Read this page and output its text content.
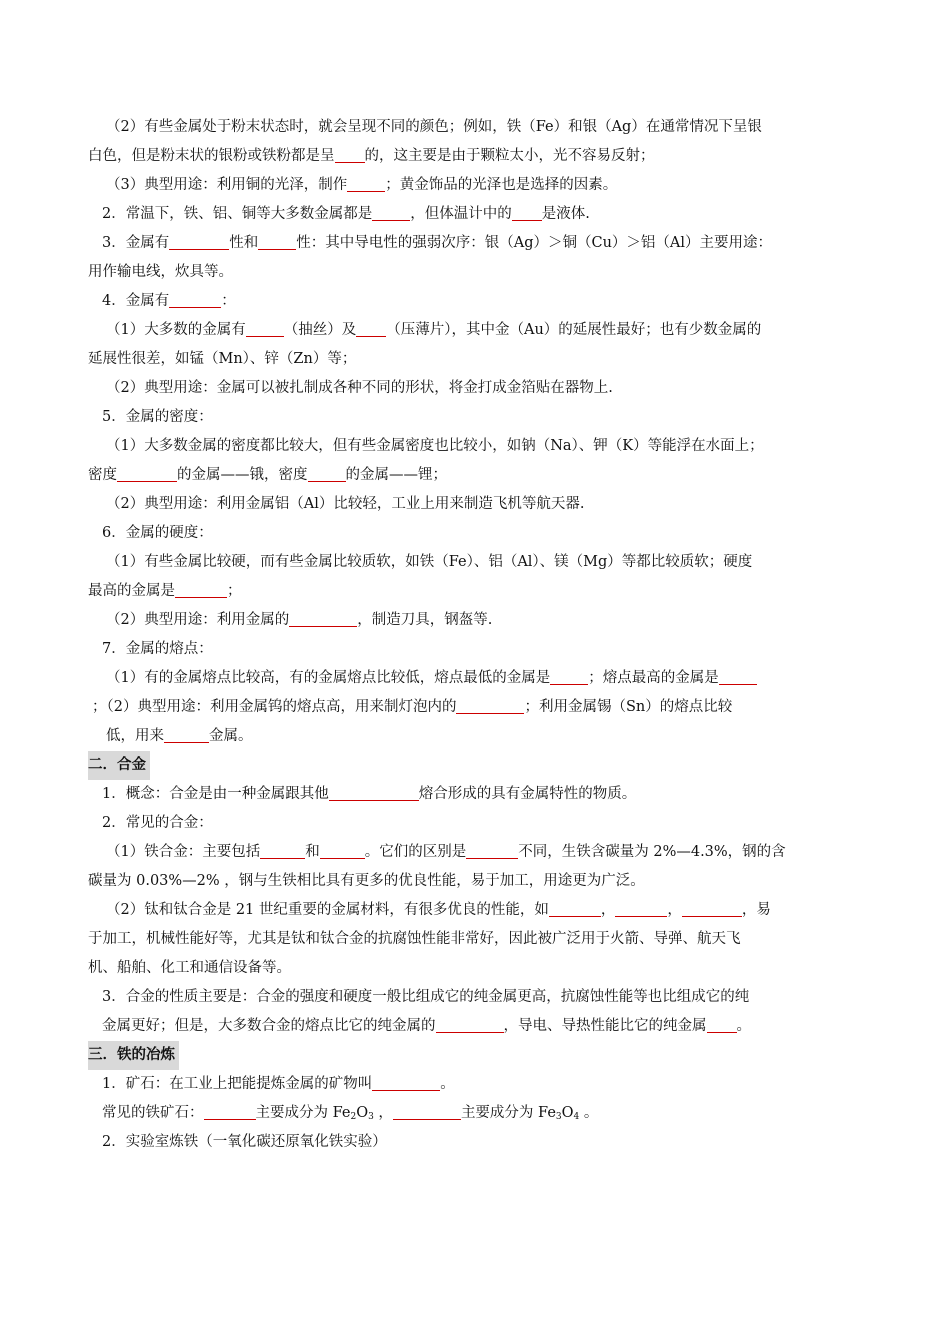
（2）有些金属处于粉末状态时，就会呈现不同的颜色；例如，铁（Fe）和银（Ag）在通常情况下呈银
白色，但是粉末状的银粉或铁粉都是呈 的，这主要是由于颗粒太小，光不容易反射；
（3）典型用途：利用铜的光泽，制作	；黄金饰品的光泽也是选择的因素。
2．常温下，铁、铝、铜等大多数金属都是	，但体温计中的 是液体.
3．金属有	性和	性：其中导电性的强弱次序：银（Ag）＞铜（Cu）＞铝（Al）主要用途：
用作输电线，炊具等。
4．金属有	：
（1）大多数的金属有	（抽丝）及 （压薄片），其中金（Au）的延展性最好；也有少数金属的
延展性很差，如锰（Mn）、锌（Zn）等；
（2）典型用途：金属可以被扎制成各种不同的形状，将金打成金箔贴在器物上.
5．金属的密度：
（1）大多数金属的密度都比较大，但有些金属密度也比较小，如钠（Na）、钾（K）等能浮在水面上；
密度	的金属——锇，密度	的金属——锂；
（2）典型用途：利用金属铝（Al）比较轻，工业上用来制造飞机等航天器.
6．金属的硬度：
（1）有些金属比较硬，而有些金属比较质软，如铁（Fe）、铝（Al）、镁（Mg）等都比较质软；硬度
最高的金属是	；
（2）典型用途：利用金属的	，制造刀具，钢盔等.
7．金属的熔点：
（1）有的金属熔点比较高，有的金属熔点比较低，熔点最低的金属是	；熔点最高的金属是
；（2）典型用途：利用金属钨的熔点高，用来制灯泡内的	；利用金属锡（Sn）的熔点比较
低，用来	金属。
二．合金
1．概念：合金是由一种金属跟其他	熔合形成的具有金属特性的物质。
2．常见的合金：
（1）铁合金：主要包括	和	。它们的区别是	不同，生铁含碳量为 2%—4.3%，钢的含
碳量为 0.03%—2% ，钢与生铁相比具有更多的优良性能，易于加工，用途更为广泛。
（2）钛和钛合金是 21 世纪重要的金属材料，有很多优良的性能，如	，	，	，易
于加工，机械性能好等，尤其是钛和钛合金的抗腐蚀性能非常好，因此被广泛用于火箭、导弹、航天飞
机、船舶、化工和通信设备等。
3．合金的性质主要是：合金的强度和硬度一般比组成它的纯金属更高，抗腐蚀性能等也比组成它的纯
金属更好；但是，大多数合金的熔点比它的纯金属的	，导电、导热性能比它的纯金属 。
三．铁的冶炼
1．矿石：在工业上把能提炼金属的矿物叫	。
常见的铁矿石：	主要成分为 $Fe_2O_3$ ，	主要成分为 $Fe_3O_4$ 。
2．实验室炼铁（一氧化碳还原氧化铁实验）
